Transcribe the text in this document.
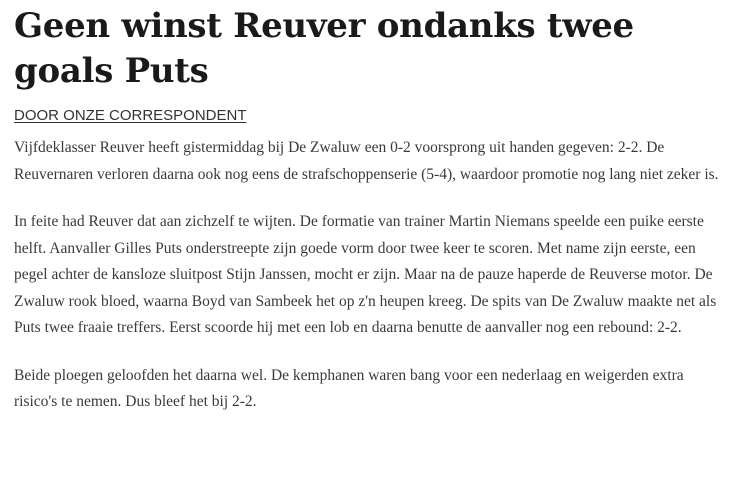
Geen winst Reuver ondanks twee goals Puts
DOOR ONZE CORRESPONDENT

Vijfdeklasser Reuver heeft gistermiddag bij De Zwaluw een 0-2 voorsprong uit handen gegeven: 2-2. De Reuvernaren verloren daarna ook nog eens de strafschoppenserie (5-4), waardoor promotie nog lang niet zeker is.

In feite had Reuver dat aan zichzelf te wijten. De formatie van trainer Martin Niemans speelde een puike eerste helft. Aanvaller Gilles Puts onderstreepte zijn goede vorm door twee keer te scoren. Met name zijn eerste, een pegel achter de kansloze sluitpost Stijn Janssen, mocht er zijn. Maar na de pauze haperde de Reuverse motor. De Zwaluw rook bloed, waarna Boyd van Sambeek het op z'n heupen kreeg. De spits van De Zwaluw maakte net als Puts twee fraaie treffers. Eerst scoorde hij met een lob en daarna benutte de aanvaller nog een rebound: 2-2.

Beide ploegen geloofden het daarna wel. De kemphanen waren bang voor een nederlaag en weigerden extra risico's te nemen. Dus bleef het bij 2-2.
